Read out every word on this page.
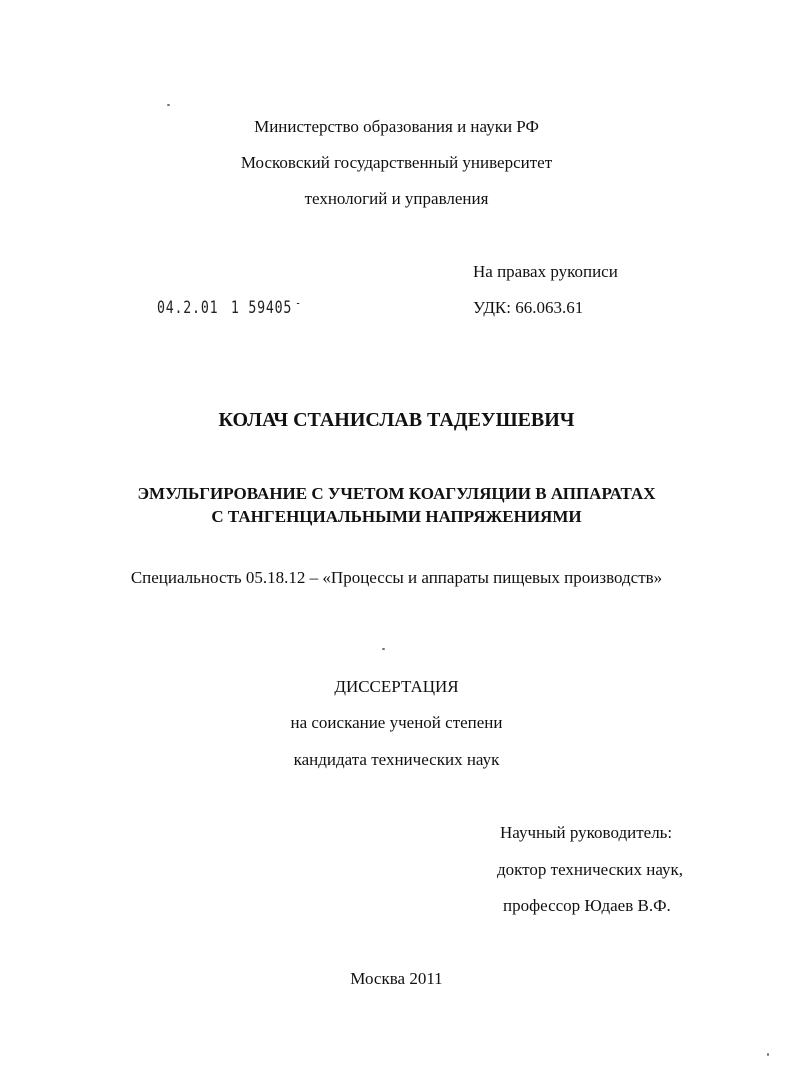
Министерство образования и науки РФ
Московский государственный университет
технологий и управления
На правах рукописи
УДК: 66.063.61
04.2.01 1 59405 -
КОЛАЧ СТАНИСЛАВ ТАДЕУШЕВИЧ
ЭМУЛЬГИРОВАНИЕ С УЧЕТОМ КОАГУЛЯЦИИ В АППАРАТАХ
С ТАНГЕНЦИАЛЬНЫМИ НАПРЯЖЕНИЯМИ
Специальность 05.18.12 – «Процессы и аппараты пищевых производств»
ДИССЕРТАЦИЯ
на соискание ученой степени
кандидата технических наук
Научный руководитель:
доктор технических наук,
профессор Юдаев В.Ф.
Москва 2011
